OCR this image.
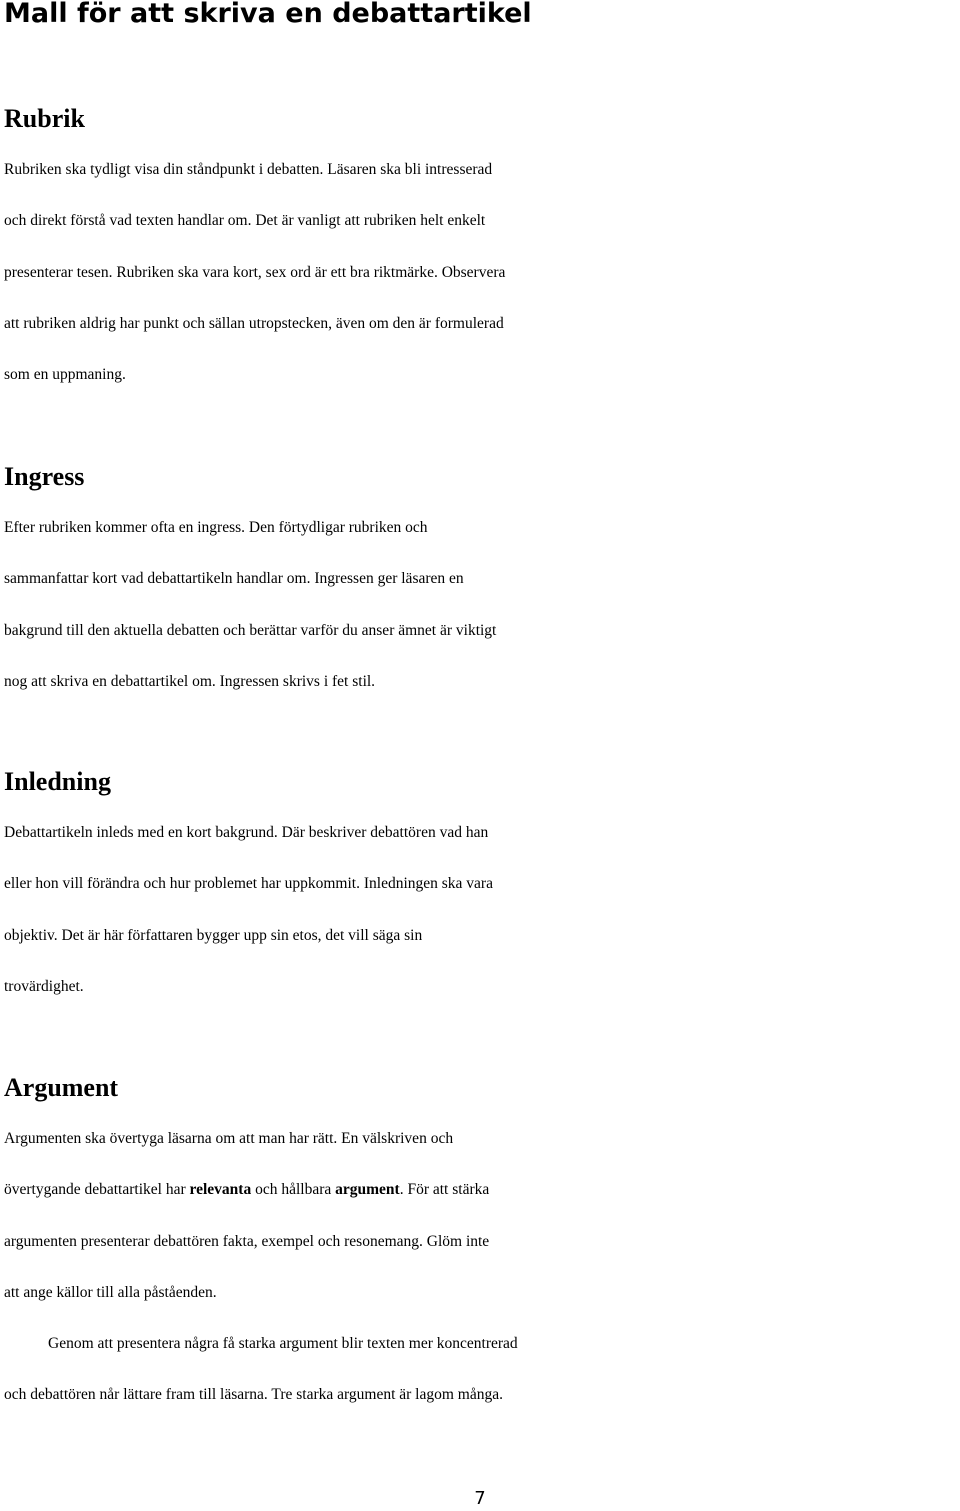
Mall för att skriva en debattartikel
Rubrik
Rubriken ska tydligt visa din ståndpunkt i debatten. Läsaren ska bli intresserad
och direkt förstå vad texten handlar om. Det är vanligt att rubriken helt enkelt
presenterar tesen. Rubriken ska vara kort, sex ord är ett bra riktmärke. Observera
att rubriken aldrig har punkt och sällan utropstecken, även om den är formulerad
som en uppmaning.
Ingress
Efter rubriken kommer ofta en ingress. Den förtydligar rubriken och
sammanfattar kort vad debattartikeln handlar om. Ingressen ger läsaren en
bakgrund till den aktuella debatten och berättar varför du anser ämnet är viktigt
nog att skriva en debattartikel om. Ingressen skrivs i fet stil.
Inledning
Debattartikeln inleds med en kort bakgrund. Där beskriver debattören vad han
eller hon vill förändra och hur problemet har uppkommit. Inledningen ska vara
objektiv. Det är här författaren bygger upp sin etos, det vill säga sin
trovärdighet.
Argument
Argumenten ska övertyga läsarna om att man har rätt. En välskriven och
övertygande debattartikel har relevanta och hållbara argument. För att stärka
argumenten presenterar debattören fakta, exempel och resonemang. Glöm inte
att ange källor till alla påståenden.
Genom att presentera några få starka argument blir texten mer koncentrerad
och debattören når lättare fram till läsarna. Tre starka argument är lagom många.
7
